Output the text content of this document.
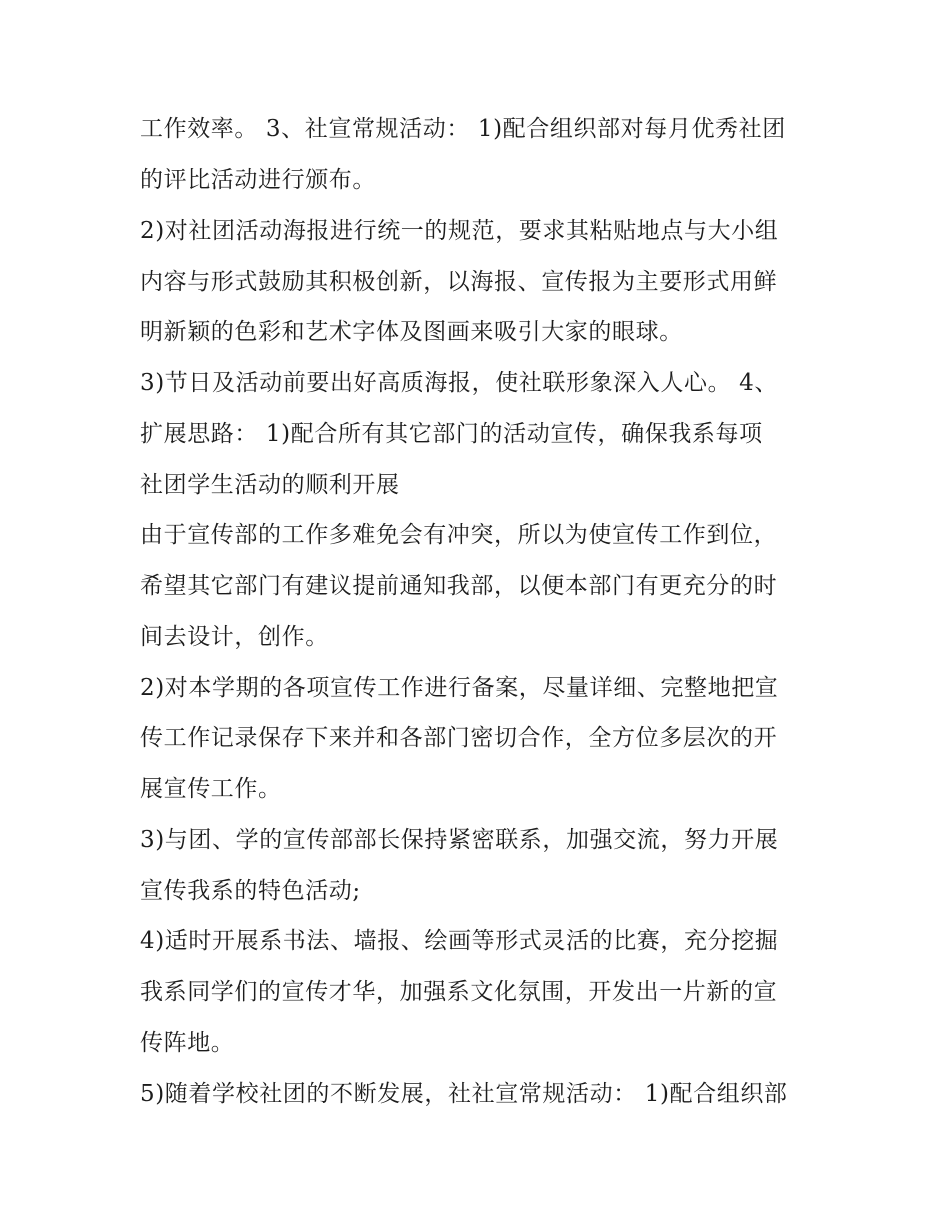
工作效率。 3、社宣常规活动： 1)配合组织部对每月优秀社团
的评比活动进行颁布。
2)对社团活动海报进行统一的规范，要求其粘贴地点与大小组
内容与形式鼓励其积极创新，以海报、宣传报为主要形式用鲜
明新颖的色彩和艺术字体及图画来吸引大家的眼球。
3)节日及活动前要出好高质海报，使社联形象深入人心。 4、
扩展思路： 1)配合所有其它部门的活动宣传，确保我系每项
社团学生活动的顺利开展
由于宣传部的工作多难免会有冲突，所以为使宣传工作到位，
希望其它部门有建议提前通知我部，以便本部门有更充分的时
间去设计，创作。
2)对本学期的各项宣传工作进行备案，尽量详细、完整地把宣
传工作记录保存下来并和各部门密切合作，全方位多层次的开
展宣传工作。
3)与团、学的宣传部部长保持紧密联系，加强交流，努力开展
宣传我系的特色活动;
4)适时开展系书法、墙报、绘画等形式灵活的比赛，充分挖掘
我系同学们的宣传才华，加强系文化氛围，开发出一片新的宣
传阵地。
5)随着学校社团的不断发展，社社宣常规活动： 1)配合组织部
